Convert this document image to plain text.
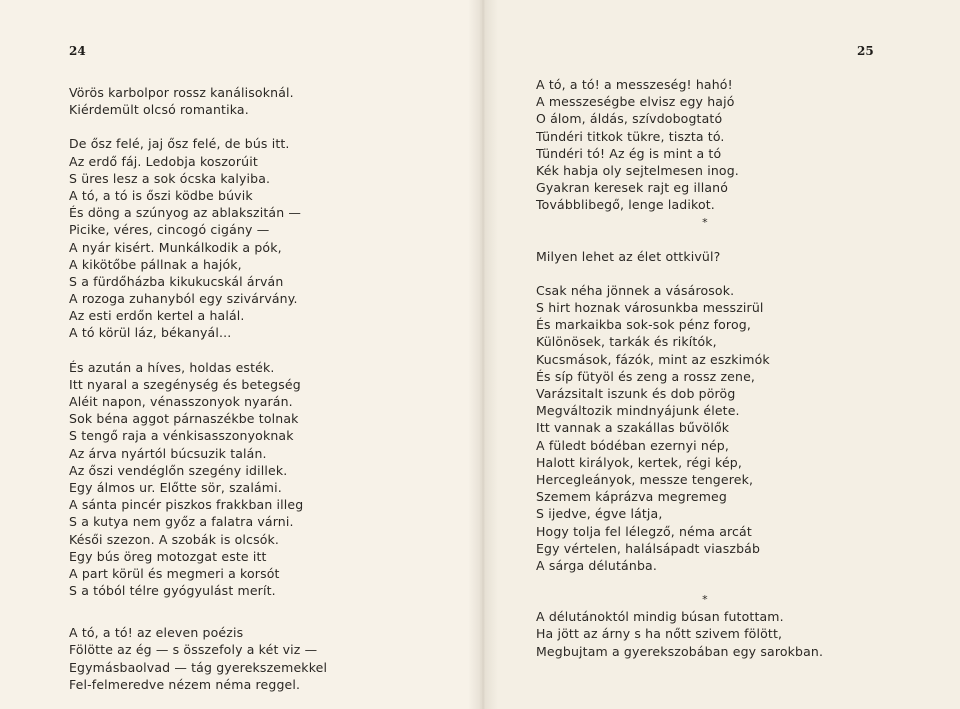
24	25
Vörös karbolpor rossz kanálisoknál.
Kiérdemült olcsó romantika.
De ősz felé, jaj ősz felé, de bús itt.
Az erdő fáj. Ledobja koszorúit
S üres lesz a sok ócska kalyiba.
A tó, a tó is őszi ködbe búvik
És döng a szúnyog az ablakszitán —
Picike, véres, cincogó cigány —
A nyár kisért. Munkálkodik a pók,
A kikötőbe pállnak a hajók,
S a fürdőházba kikukucskál árván
A rozoga zuhanyból egy szivárvány.
Az esti erdőn kertel a halál.
A tó körül láz, békanyál...
És azután a híves, holdas esték.
Itt nyaral a szegénység és betegség
Aléit napon, vénasszonyok nyarán.
Sok béna aggot párnaszékbe tolnak
S tengő raja a vénkisasszonyoknak
Az árva nyártól búcsuzik talán.
Az őszi vendéglőn szegény idillek.
Egy álmos ur. Előtte sör, szalámi.
A sánta pincér piszkos frakkban illeg
S a kutya nem győz a falatra várni.
Késői szezon. A szobák is olcsók.
Egy bús öreg motozgat este itt
A part körül és megmeri a korsót
S a tóból télre gyógyulást merít.
A tó, a tó! az eleven poézis
Fölötte az ég — s összefoly a két viz —
Egymásbaolvad — tág gyerekszemekkel
Fel-felmeredve nézem néma reggel.
A tó, a tó! a messzeség! hahó!
A messzeségbe elvisz egy hajó
O álom, áldás, szívdobogtató
Tündéri titkok tükre, tiszta tó.
Tündéri tó! Az ég is mint a tó
Kék habja oly sejtelmesen inog.
Gyakran keresek rajt eg illanó
Továbblibegő, lenge ladikot.
*
Milyen lehet az élet ottkivül?
Csak néha jönnek a vásárosok.
S hirt hoznak városunkba messzirül
És markaikba sok-sok pénz forog,
Különösek, tarkák és rikítók,
Kucsmások, fázók, mint az eszkimók
És síp fütyöl és zeng a rossz zene,
Varázsitalt iszunk és dob pörög
Megváltozik mindnyájunk élete.
Itt vannak a szakállas bűvölők
A füledt bódéban ezernyi nép,
Halott királyok, kertek, régi kép,
Hercegleányok, messze tengerek,
Szemem káprázva megremeg
S ijedve, égve látja,
Hogy tolja fel lélegző, néma arcát
Egy vértelen, halálsápadt viaszbáb
A sárga délutánba.
*
A délutánoktól mindig búsan futottam.
Ha jött az árny s ha nőtt szivem fölött,
Megbujtam a gyerekszobában egy sarokban.
